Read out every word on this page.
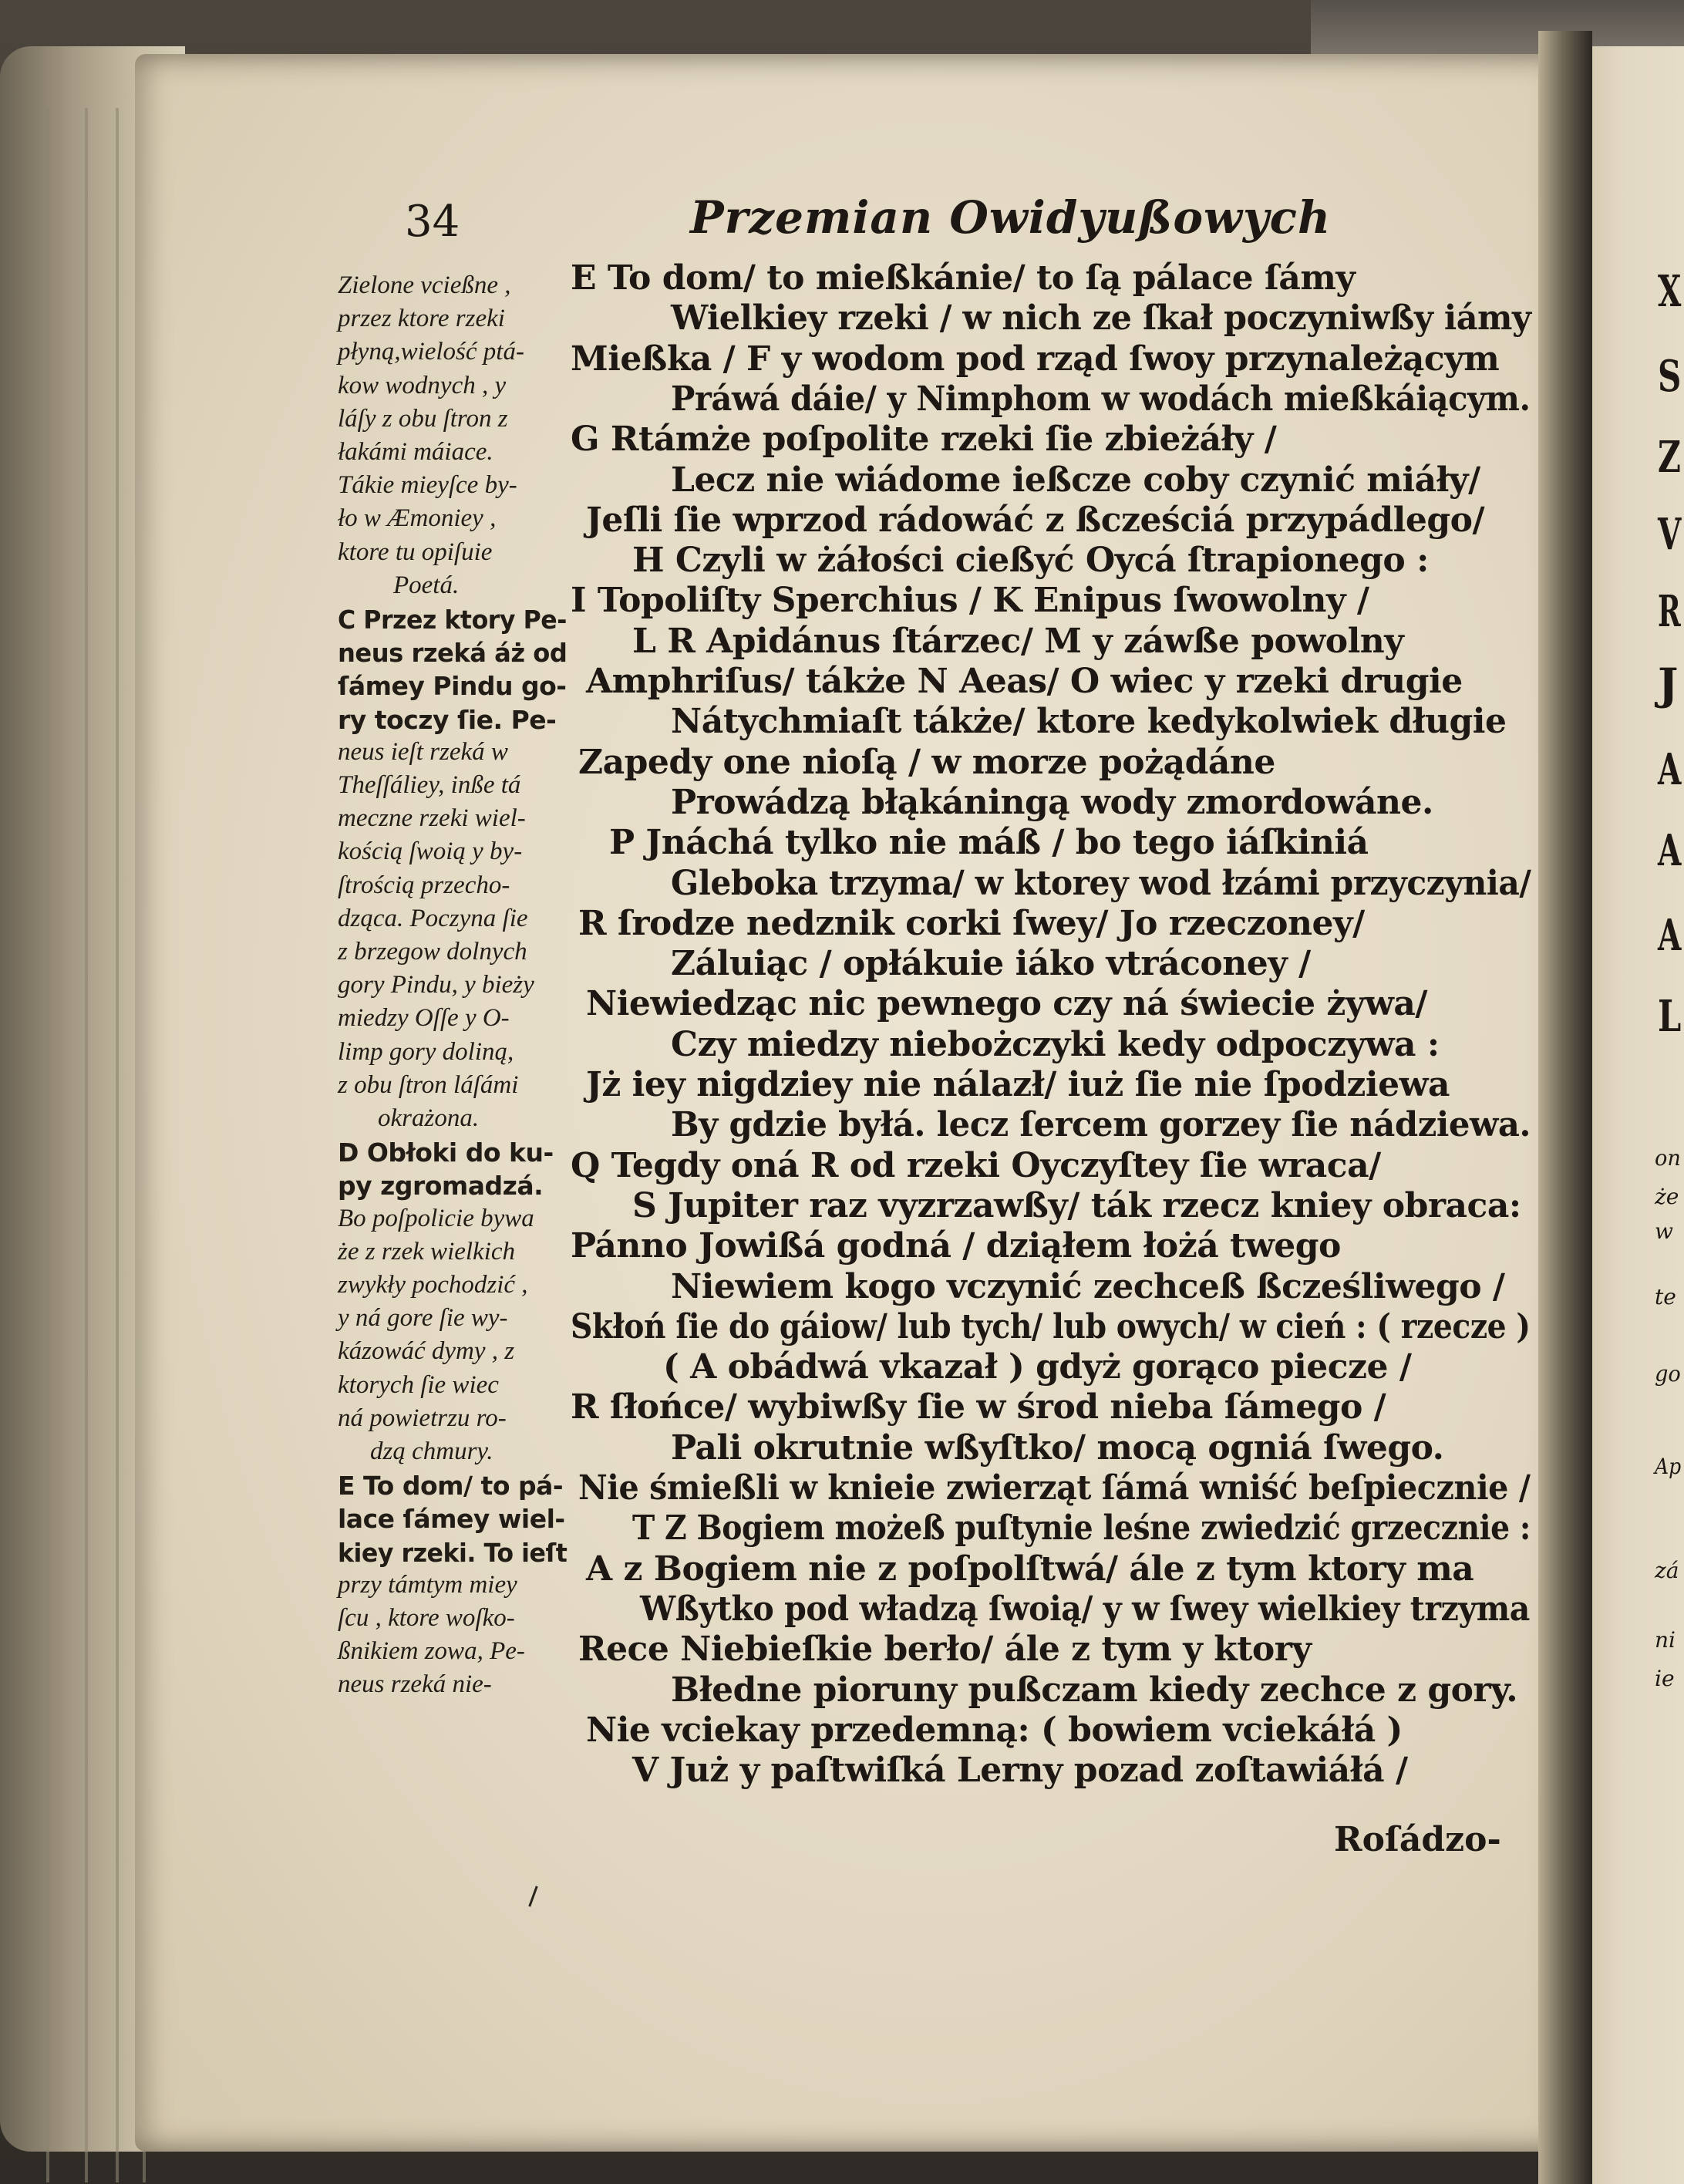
34	Przemian Owidyußowych
E To dom/ to mießkánie/ to ſą pálace ſámy
Wielkiey rzeki / w nich ze ſkał poczyniwßy iámy
Mießka / F y wodom pod rząd ſwoy przynależącym
Práwá dáie/ y Nimphom w wodách mießkáiącym.
G Rtámże poſpolite rzeki ſie zbieżáły /
Lecz nie wiádome ießcze coby czynić miáły/
Jeſli ſie wprzod rádowáć z ßcześciá przypádlego/
H Czyli w żáłości cießyć Oycá ſtrapionego :
I Topoliſty Sperchius / K Enipus ſwowolny /
L R Apidánus ſtárzec/ M y záwße powolny
Amphriſus/ tákże N Aeas/ O wiec y rzeki drugie
Nátychmiaſt tákże/ ktore kedykolwiek długie
Zapedy one nioſą / w morze pożądáne
Prowádzą błąkáningą wody zmordowáne.
P Jnáchá tylko nie máß / bo tego iáſkiniá
Gleboka trzyma/ w ktorey wod łzámi przyczynia/
R ſrodze nedznik corki ſwey/ Jo rzeczoney/
Záluiąc / opłákuie iáko vtráconey /
Niewiedząc nic pewnego czy ná świecie żywa/
Czy miedzy niebożczyki kedy odpoczywa :
Jż iey nigdziey nie nálazł/ iuż ſie nie ſpodziewa
By gdzie byłá. lecz ſercem gorzey ſie nádziewa.
Q Tegdy oná R od rzeki Oyczyſtey ſie wraca/
S Jupiter raz vyzrzawßy/ ták rzecz kniey obraca:
Pánno Jowißá godná / dziąłem łożá twego
Niewiem kogo vczynić zechceß ßcześliwego /
Skłoń ſie do gáiow/ lub tych/ lub owych/ w cień : ( rzecze )
( A obádwá vkazał ) gdyż gorąco piecze /
R ſłońce/ wybiwßy ſie w środ nieba ſámego /
Pali okrutnie wßyſtko/ mocą ogniá ſwego.
Nie śmießli w knieie zwierząt ſámá wniść beſpiecznie /
T Z Bogiem możeß puſtynie leśne zwiedzić grzecznie :
A z Bogiem nie z poſpolſtwá/ ále z tym ktory ma
Wßytko pod władzą ſwoią/ y w ſwey wielkiey trzyma
Rece Niebieſkie berło/ ále z tym y ktory
Błedne pioruny pußczam kiedy zechce z gory.
Nie vciekay przedemną: ( bowiem vciekáłá )
V Już y paſtwiſká Lerny pozad zoſtawiáłá /
Zielone vcießne ,
przez ktore rzeki
płyną,wielość ptá-
kow wodnych , y
láſy z obu ſtron z
łakámi máiace.
Tákie mieyſce by-
ło w Æmoniey ,
ktore tu opiſuie
Poetá.
C Przez ktory Pe-
neus rzeká áż od
ſámey Pindu go-
ry toczy ſie. Pe-
neus ieſt rzeká w
Theſſáliey, inße tá
meczne rzeki wiel-
kością ſwoią y by-
ſtrością przecho-
dząca. Poczyna ſie
z brzegow dolnych
gory Pindu, y bieży
miedzy Oſſe y O-
limp gory doliną,
z obu ſtron láſámi
okrażona.
D Obłoki do ku-
py zgromadzá.
Bo poſpolicie bywa
że z rzek wielkich
zwykły pochodzić ,
y ná gore ſie wy-
kázowáć dymy , z
ktorych ſie wiec
ná powietrzu ro-
dzą chmury.
E To dom/ to pá-
lace ſámey wiel-
kiey rzeki. To ieſt
przy támtym miey
ſcu , ktore woſko-
ßnikiem zowa, Pe-
neus rzeká nie-
X
S
Z
V
R
J
A
A
A
L
on
że
w
te
go
Ap
zá
ni
ie
Roſádzo-
